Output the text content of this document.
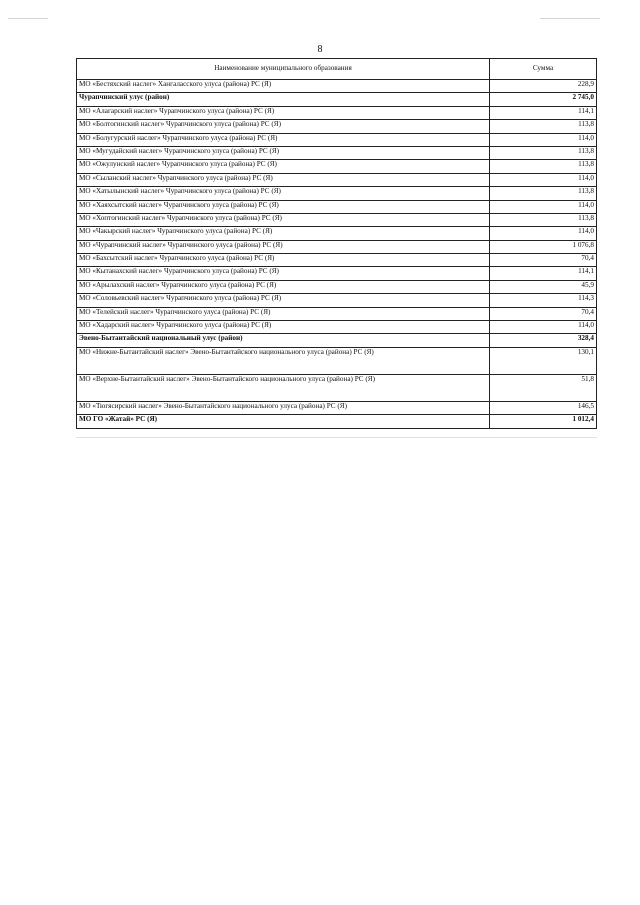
8
Наименование муниципального образования	Сумма
МО «Бестяхский наслег» Хангаласского улуса (района) РС (Я)	228,9
Чурапчинский улус (район)	2 745,0
МО «Алагарский наслег» Чурапчинского улуса (района) РС (Я)	114,1
МО «Болтогинский наслег» Чурапчинского улуса (района) РС (Я)	113,8
МО «Болугурский наслег» Чурапчинского улуса (района) РС (Я)	114,0
МО «Мугудайский наслег» Чурапчинского улуса (района) РС (Я)	113,8
МО «Ожулунский наслег» Чурапчинского улуса (района) РС (Я)	113,8
МО «Сыланский наслег» Чурапчинского улуса (района) РС (Я)	114,0
МО «Хатылынский наслег» Чурапчинского улуса (района) РС (Я)	113,8
МО «Хаяхсытский наслег» Чурапчинского улуса (района) РС (Я)	114,0
МО «Хоптогинский наслег» Чурапчинского улуса (района) РС (Я)	113,8
МО «Чакырский наслег» Чурапчинского улуса (района) РС (Я)	114,0
МО «Чурапчинский наслег» Чурапчинского улуса (района) РС (Я)	1 076,8
МО «Бахсытский наслег» Чурапчинского улуса (района) РС (Я)	70,4
МО «Кытанахский наслег» Чурапчинского улуса (района) РС (Я)	114,1
МО «Арылахский наслег» Чурапчинского улуса (района) РС (Я)	45,9
МО «Соловьевский наслег» Чурапчинского улуса (района) РС (Я)	114,3
МО «Телейский наслег» Чурапчинского улуса (района) РС (Я)	70,4
МО «Хадарский наслег» Чурапчинского улуса (района) РС (Я)	114,0
Эвено-Бытантайский национальный улус (район)	328,4
МО «Нижне-Бытантайский наслег» Эвено-Бытантайского национального улуса (района) РС (Я)	130,1
МО «Верхне-Бытантайский наслег» Эвено-Бытантайского национального улуса (района) РС (Я)	51,8
МО «Тюгясирский наслег» Эвено-Бытантайского национального улуса (района) РС (Я)	146,5
МО ГО «Жатай» РС (Я)	1 012,4
